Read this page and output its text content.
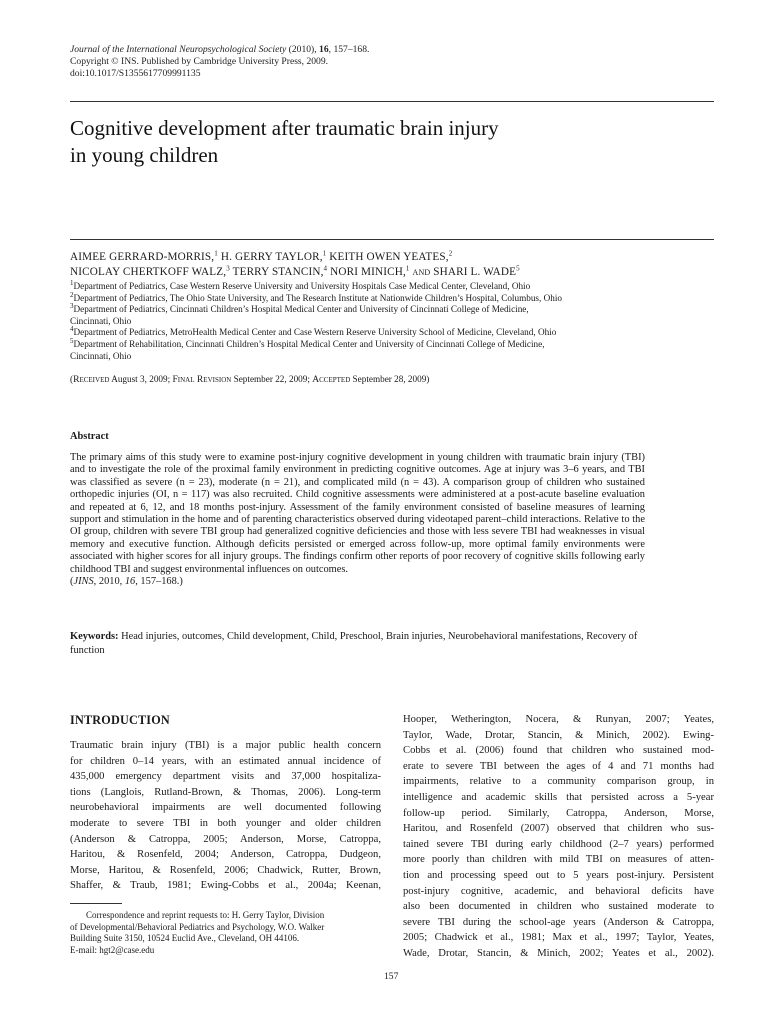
Journal of the International Neuropsychological Society (2010), 16, 157–168.
Copyright © INS. Published by Cambridge University Press, 2009.
doi:10.1017/S1355617709991135
Cognitive development after traumatic brain injury
in young children
AIMEE GERRARD-MORRIS,$^1$ H. GERRY TAYLOR,$^1$ KEITH OWEN YEATES,$^2$
NICOLAY CHERTKOFF WALZ,$^3$ TERRY STANCIN,$^4$ NORI MINICH,$^1$ and SHARI L. WADE$^5$
$^1$Department of Pediatrics, Case Western Reserve University and University Hospitals Case Medical Center, Cleveland, Ohio
$^2$Department of Pediatrics, The Ohio State University, and The Research Institute at Nationwide Children’s Hospital, Columbus, Ohio
$^3$Department of Pediatrics, Cincinnati Children’s Hospital Medical Center and University of Cincinnati College of Medicine,
Cincinnati, Ohio
$^4$Department of Pediatrics, MetroHealth Medical Center and Case Western Reserve University School of Medicine, Cleveland, Ohio
$^5$Department of Rehabilitation, Cincinnati Children’s Hospital Medical Center and University of Cincinnati College of Medicine,
Cincinnati, Ohio
(Received August 3, 2009; Final Revision September 22, 2009; Accepted September 28, 2009)
Abstract
The primary aims of this study were to examine post-injury cognitive development in young children with traumatic brain injury (TBI) and to investigate the role of the proximal family environment in predicting cognitive outcomes. Age at injury was 3–6 years, and TBI was classified as severe (n = 23), moderate (n = 21), and complicated mild (n = 43). A comparison group of children who sustained orthopedic injuries (OI, n = 117) was also recruited. Child cognitive assessments were administered at a post-acute baseline evaluation and repeated at 6, 12, and 18 months post-injury. Assessment of the family environment consisted of baseline measures of learning support and stimulation in the home and of parenting characteristics observed during videotaped parent–child interactions. Relative to the OI group, children with severe TBI group had generalized cognitive deficiencies and those with less severe TBI had weaknesses in visual memory and executive function. Although deficits persisted or emerged across follow-up, more optimal family environments were associated with higher scores for all injury groups. The findings confirm other reports of poor recovery of cognitive skills following early childhood TBI and suggest environmental influences on outcomes.
(JINS, 2010, 16, 157–168.)
Keywords: Head injuries, outcomes, Child development, Child, Preschool, Brain injuries, Neurobehavioral manifestations, Recovery of function
INTRODUCTION
Traumatic brain injury (TBI) is a major public health concern
for children 0–14 years, with an estimated annual incidence of
435,000 emergency department visits and 37,000 hospitaliza-
tions (Langlois, Rutland-Brown, & Thomas, 2006). Long-term
neurobehavioral impairments are well documented following
moderate to severe TBI in both younger and older children
(Anderson & Catroppa, 2005; Anderson, Morse, Catroppa,
Haritou, & Rosenfeld, 2004; Anderson, Catroppa, Dudgeon,
Morse, Haritou, & Rosenfeld, 2006; Chadwick, Rutter, Brown,
Shaffer, & Traub, 1981; Ewing-Cobbs et al., 2004a; Keenan,
Hooper, Wetherington, Nocera, & Runyan, 2007; Yeates,
Taylor, Wade, Drotar, Stancin, & Minich, 2002). Ewing-
Cobbs et al. (2006) found that children who sustained mod-
erate to severe TBI between the ages of 4 and 71 months had
impairments, relative to a community comparison group, in
intelligence and academic skills that persisted across a 5-year
follow-up period. Similarly, Catroppa, Anderson, Morse,
Haritou, and Rosenfeld (2007) observed that children who sus-
tained severe TBI during early childhood (2–7 years) performed
more poorly than children with mild TBI on measures of atten-
tion and processing speed out to 5 years post-injury. Persistent
post-injury cognitive, academic, and behavioral deficits have
also been documented in children who sustained moderate to
severe TBI during the school-age years (Anderson & Catroppa,
2005; Chadwick et al., 1981; Max et al., 1997; Taylor, Yeates,
Wade, Drotar, Stancin, & Minich, 2002; Yeates et al., 2002).
Correspondence and reprint requests to: H. Gerry Taylor, Division
of Developmental/Behavioral Pediatrics and Psychology, W.O. Walker
Building Suite 3150, 10524 Euclid Ave., Cleveland, OH 44106.
E-mail: hgt2@case.edu
157
